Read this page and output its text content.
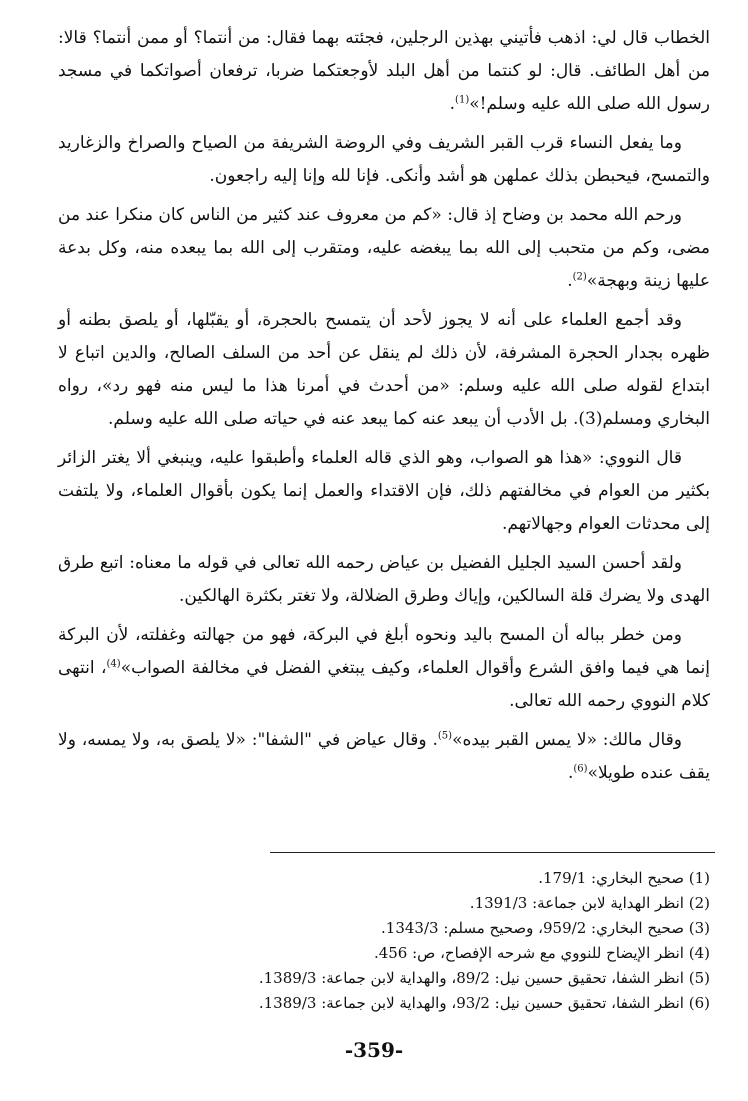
الخطاب قال لي: اذهب فأتيني بهذين الرجلين، فجئته بهما فقال: من أنتما؟ أو ممن أنتما؟ قالا: من أهل الطائف. قال: لو كنتما من أهل البلد لأوجعتكما ضربا، ترفعان أصواتكما في مسجد رسول الله صلى الله عليه وسلم!»$^{(1)}$.

وما يفعل النساء قرب القبر الشريف وفي الروضة الشريفة من الصياح والصراخ والزغاريد والتمسح، فيحبطن بذلك عملهن هو أشد وأنكى. فإنا لله وإنا إليه راجعون.

ورحم الله محمد بن وضاح إذ قال: «كم من معروف عند كثير من الناس كان منكرا عند من مضى، وكم من متحبب إلى الله بما يبغضه عليه، ومتقرب إلى الله بما يبعده منه، وكل بدعة عليها زينة وبهجة»$^{(2)}$.

وقد أجمع العلماء على أنه لا يجوز لأحد أن يتمسح بالحجرة، أو يقبّلها، أو يلصق بطنه أو ظهره بجدار الحجرة المشرفة، لأن ذلك لم ينقل عن أحد من السلف الصالح، والدين اتباع لا ابتداع لقوله صلى الله عليه وسلم: «من أحدث في أمرنا هذا ما ليس منه فهو رد»، رواه البخاري ومسلم(3). بل الأدب أن يبعد عنه كما يبعد عنه في حياته صلى الله عليه وسلم.

قال النووي: «هذا هو الصواب، وهو الذي قاله العلماء وأطبقوا عليه، وينبغي ألا يغتر الزائر بكثير من العوام في مخالفتهم ذلك، فإن الاقتداء والعمل إنما يكون بأقوال العلماء، ولا يلتفت إلى محدثات العوام وجهالاتهم.

ولقد أحسن السيد الجليل الفضيل بن عياض رحمه الله تعالى في قوله ما معناه: اتبع طرق الهدى ولا يضرك قلة السالكين، وإياك وطرق الضلالة، ولا تغتر بكثرة الهالكين.

ومن خطر بباله أن المسح باليد ونحوه أبلغ في البركة، فهو من جهالته وغفلته، لأن البركة إنما هي فيما وافق الشرع وأقوال العلماء، وكيف يبتغي الفضل في مخالفة الصواب»$^{(4)}$، انتهى كلام النووي رحمه الله تعالى.

وقال مالك: «لا يمس القبر بيده»$^{(5)}$. وقال عياض في "الشفا": «لا يلصق به، ولا يمسه، ولا يقف عنده طويلا»$^{(6)}$.

(1) صحيح البخاري: 179/1.

(2) انظر الهداية لابن جماعة: 1391/3.

(3) صحيح البخاري: 959/2، وصحيح مسلم: 1343/3.

(4) انظر الإيضاح للنووي مع شرحه الإفصاح، ص: 456.

(5) انظر الشفا، تحقيق حسين نيل: 89/2، والهداية لابن جماعة: 1389/3.

(6) انظر الشفا، تحقيق حسين نيل: 93/2، والهداية لابن جماعة: 1389/3.

-359-
